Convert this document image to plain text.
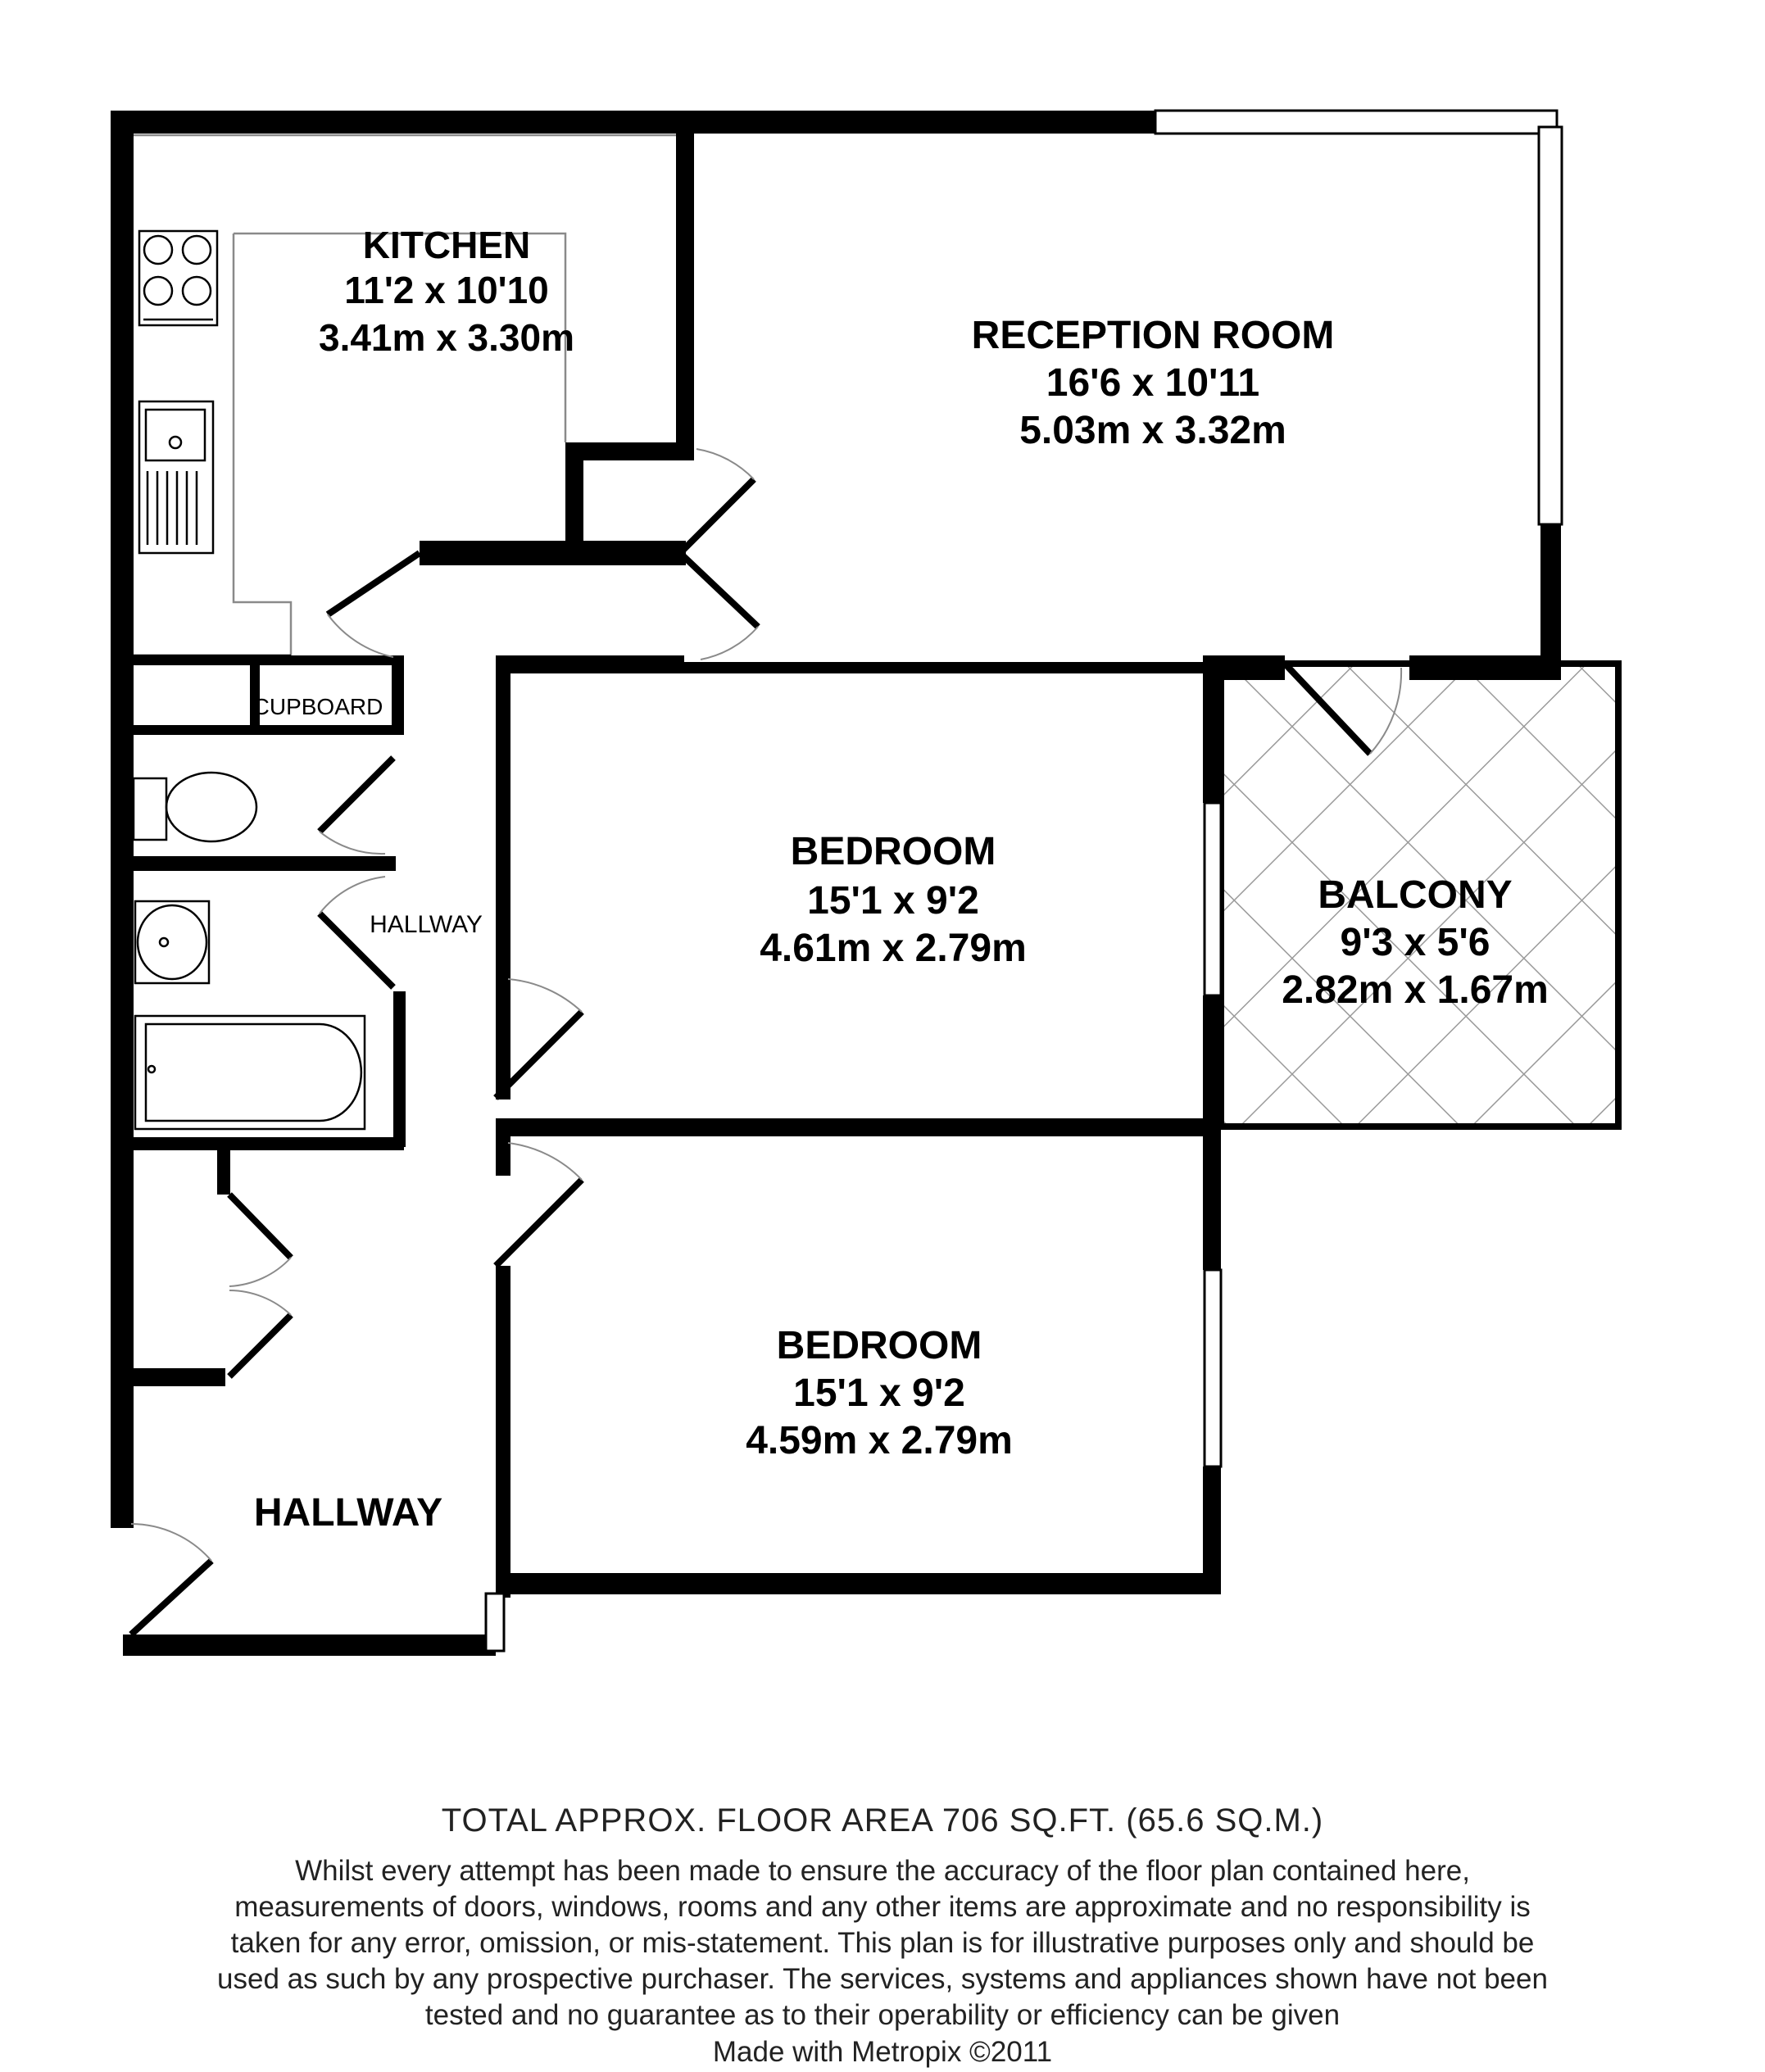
KITCHEN
11'2 x 10'10
3.41m x 3.30m	RECEPTION ROOM
16'6 x 10'11
5.03m x 3.32m
BEDROOM
15'1 x 9'2
4.61m x 2.79m
BALCONY
9'3 x 5'6
2.82m x 1.67m
BEDROOM
15'1 x 9'2
4.59m x 2.79m
HALLWAY
HALLWAY
CUPBOARD
TOTAL APPROX. FLOOR AREA 706 SQ.FT. (65.6 SQ.M.)
Whilst every attempt has been made to ensure the accuracy of the floor plan contained here, measurements of doors, windows, rooms and any other items are approximate and no responsibility is taken for any error, omission, or mis-statement. This plan is for illustrative purposes only and should be used as such by any prospective purchaser. The services, systems and appliances shown have not been tested and no guarantee as to their operability or efficiency can be given
Made with Metropix ©2011
